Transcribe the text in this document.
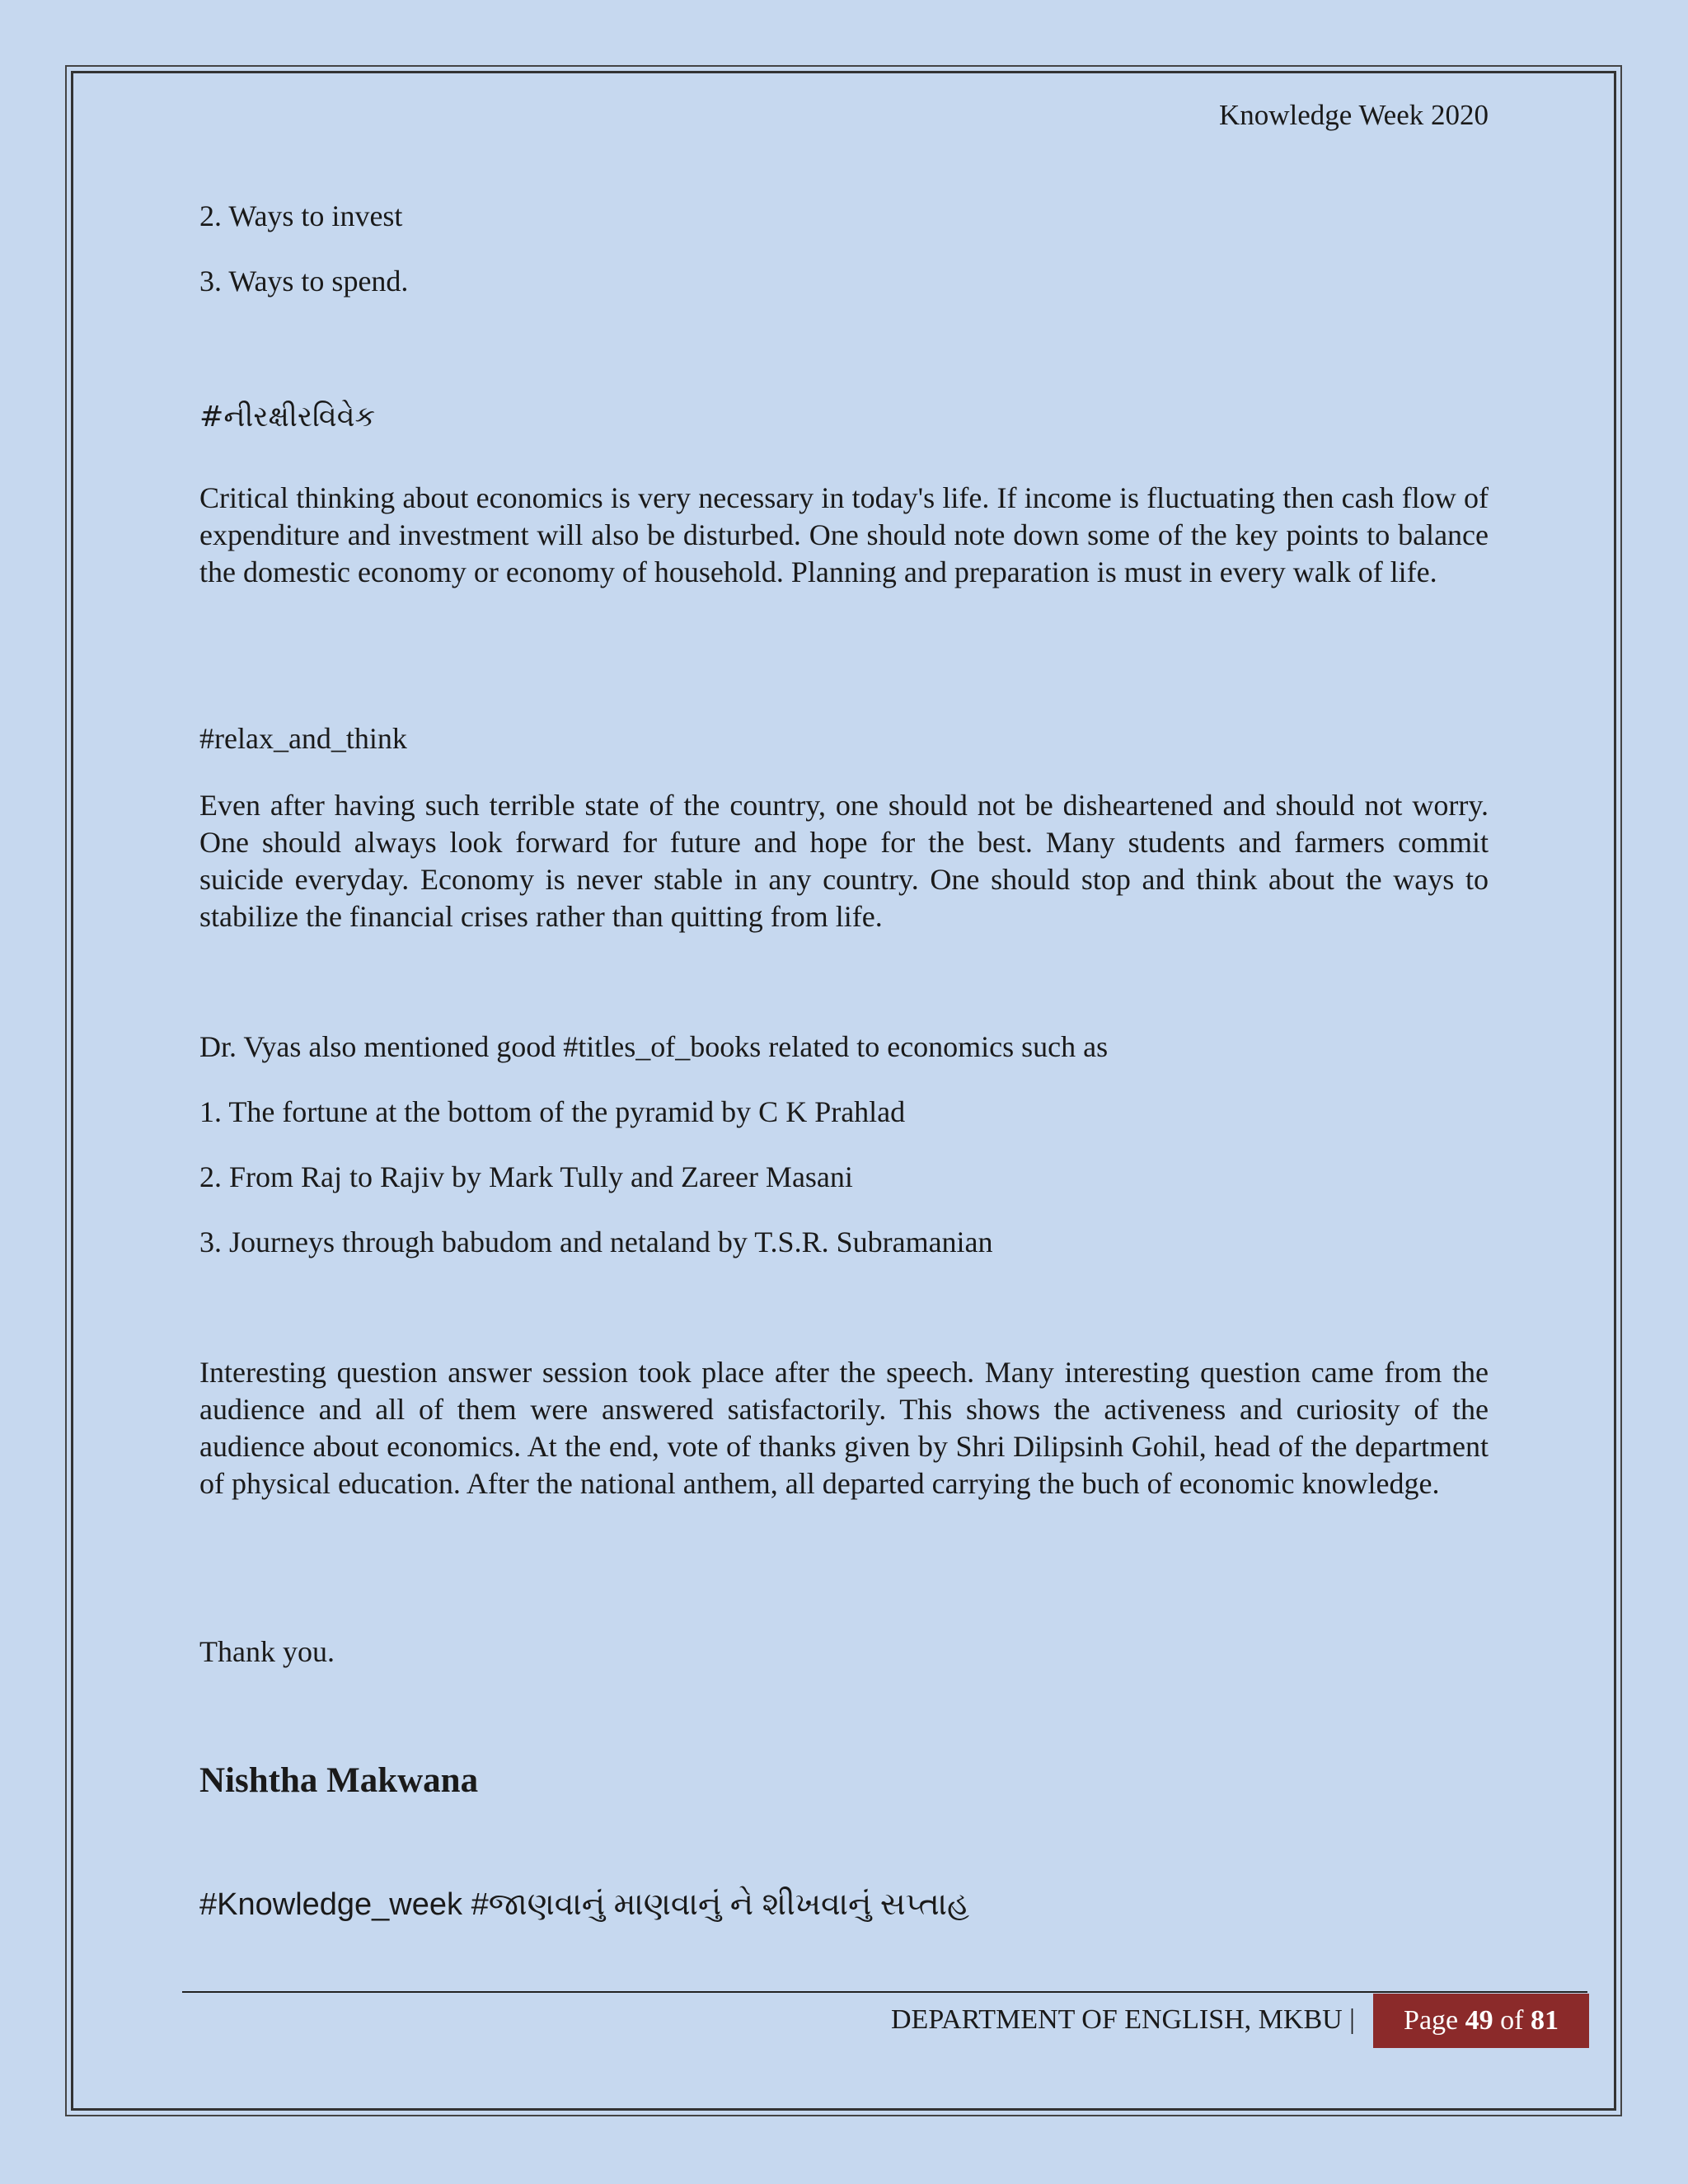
Knowledge Week 2020
2. Ways to invest
3. Ways to spend.
#નીરક્ષીરવિવેક
Critical thinking about economics is very necessary in today's life. If income is fluctuating then cash flow of expenditure and investment will also be disturbed. One should note down some of the key points to balance the domestic economy or economy of household. Planning and preparation is must in every walk of life.
#relax_and_think
Even after having such terrible state of the country, one should not be disheartened and should not worry. One should always look forward for future and hope for the best. Many students and farmers commit suicide everyday. Economy is never stable in any country. One should stop and think about the ways to stabilize the financial crises rather than quitting from life.
Dr. Vyas also mentioned good #titles_of_books related to economics such as
1. The fortune at the bottom of the pyramid by C K Prahlad
2. From Raj to Rajiv by Mark Tully and Zareer Masani
3. Journeys through babudom and netaland by T.S.R. Subramanian
Interesting question answer session took place after the speech. Many interesting question came from the audience and all of them were answered satisfactorily. This shows the activeness and curiosity of the audience about economics. At the end, vote of thanks given by Shri Dilipsinh Gohil, head of the department of physical education. After the national anthem, all departed carrying the buch of economic knowledge.
Thank you.
Nishtha Makwana
#Knowledge_week #જાણવાનું માણવાનું ને શીખવાનું સપ્તાહ
DEPARTMENT OF ENGLISH, MKBU |	Page 49 of 81
